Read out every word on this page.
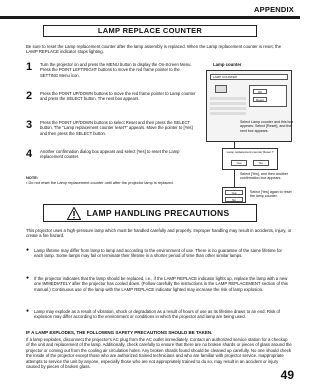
APPENDIX
LAMP REPLACE COUNTER
Be sure to reset the Lamp replacement counter after the lamp assembly is replaced. When the Lamp replacement counter is reset, the LAMP REPLACE indicator stops lighting.
1	Turn the projector on and press the MENU button to display the On-Screen Menu. Press the POINT LEFT/RIGHT buttons to move the red frame pointer to the SETTING Menu icon.
2	Press the POINT UP/DOWN buttons to move the red frame pointer to Lamp counter and press the SELECT button. The next box appears.
3	Press the POINT UP/DOWN buttons to select Reset and then press the SELECT button. The "Lamp replacement counter reset?" appears. Move the pointer to [Yes] and then press the SELECT button.
4	Another confirmation dialog box appears and select [Yes] to reset the Lamp replacement counter.
NOTE:
• Do not reset the Lamp replacement counter until after the projector lamp is replaced.
Lamp counter
LAMP COUNTER
OK
Reset
Select Lamp counter and this box appears. Select [Reset], and the next box appears.
Lamp replacement counter Reset ?
Yes	No
Select [Yes], and then another confirmation box appears.
Yes
No
Select [Yes] again to reset the lamp counter.
LAMP HANDLING PRECAUTIONS
This projector uses a high-pressure lamp which must be handled carefully and properly. Improper handling may result in accidents, injury, or create a fire hazard.
● Lamp lifetime may differ from lamp to lamp and according to the environment of use. There is no guarantee of the same lifetime for each lamp. Some lamps may fail or terminate their lifetime in a shorter period of time than other similar lamps.
● If the projector indicates that the lamp should be replaced, i.e., if the LAMP REPLACE indicator lights up, replace the lamp with a new one IMMEDIATELY after the projector has cooled down. (Follow carefully the instructions in the LAMP REPLACEMENT section of this manual.) Continuous use of the lamp with the LAMP REPLACE indicator lighted may increase the risk of lamp explosion.
● Lamp may explode as a result of vibration, shock or degradation as a result of hours of use as its lifetime draws to an end. Risk of explosion may differ according to the environment or conditions in which the projector and lamp are being used.
IF A LAMP EXPLODES, THE FOLLOWING SAFETY PRECAUTIONS SHOULD BE TAKEN.
If a lamp explodes, disconnect the projector's AC plug from the AC outlet immediately. Contact an authorized service station for a checkup of the unit and replacement of the lamp. Additionally, check carefully to ensure that there are no broken shards or pieces of glass around the projector or coming out from the cooling air circulation holes. Any broken shards found should be cleaned up carefully. No one should check the inside of the projector except those who are authorized trained technicians and who are familiar with projector service. Inappropriate attempts to service the unit by anyone, especially those who are not appropriately trained to do so, may result in an accident or injury caused by pieces of broken glass.
49
